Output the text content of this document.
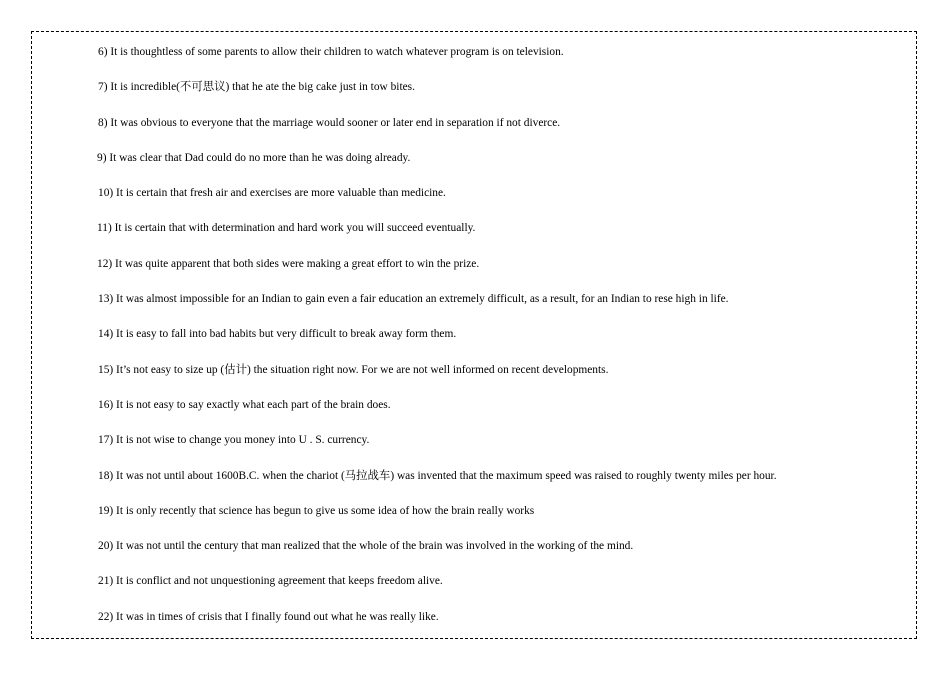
6) It is thoughtless of some parents to allow their children to watch whatever program is on television.
7) It is incredible(不可思议) that he ate the big cake just in tow bites.
8) It was obvious to everyone that the marriage would sooner or later end in separation if not diverce.
9) It was clear that Dad could do no more than he was doing already.
10) It is certain that fresh air and exercises are more valuable than medicine.
11) It is certain that with determination and hard work you will succeed eventually.
12) It was quite apparent that both sides were making a great effort to win the prize.
13) It was almost impossible for an Indian to gain even a fair education an extremely difficult, as a result, for an Indian to rese high in life.
14) It is easy to fall into bad habits but very difficult to break away form them.
15) It’s not easy to size up (估计) the situation right now. For we are not well informed on recent developments.
16) It is not easy to say exactly what each part of the brain does.
17) It is not wise to change you money into U . S. currency.
18) It was not until about 1600B.C. when the chariot (马拉战车) was invented that the maximum speed was raised to roughly twenty miles per hour.
19) It is only recently that science has begun to give us some idea of how the brain really works
20) It was not until the century that man realized that the whole of the brain was involved in the working of the mind.
21) It is conflict and not unquestioning agreement that keeps freedom alive.
22) It was in times of crisis that I finally found out what he was really like.
